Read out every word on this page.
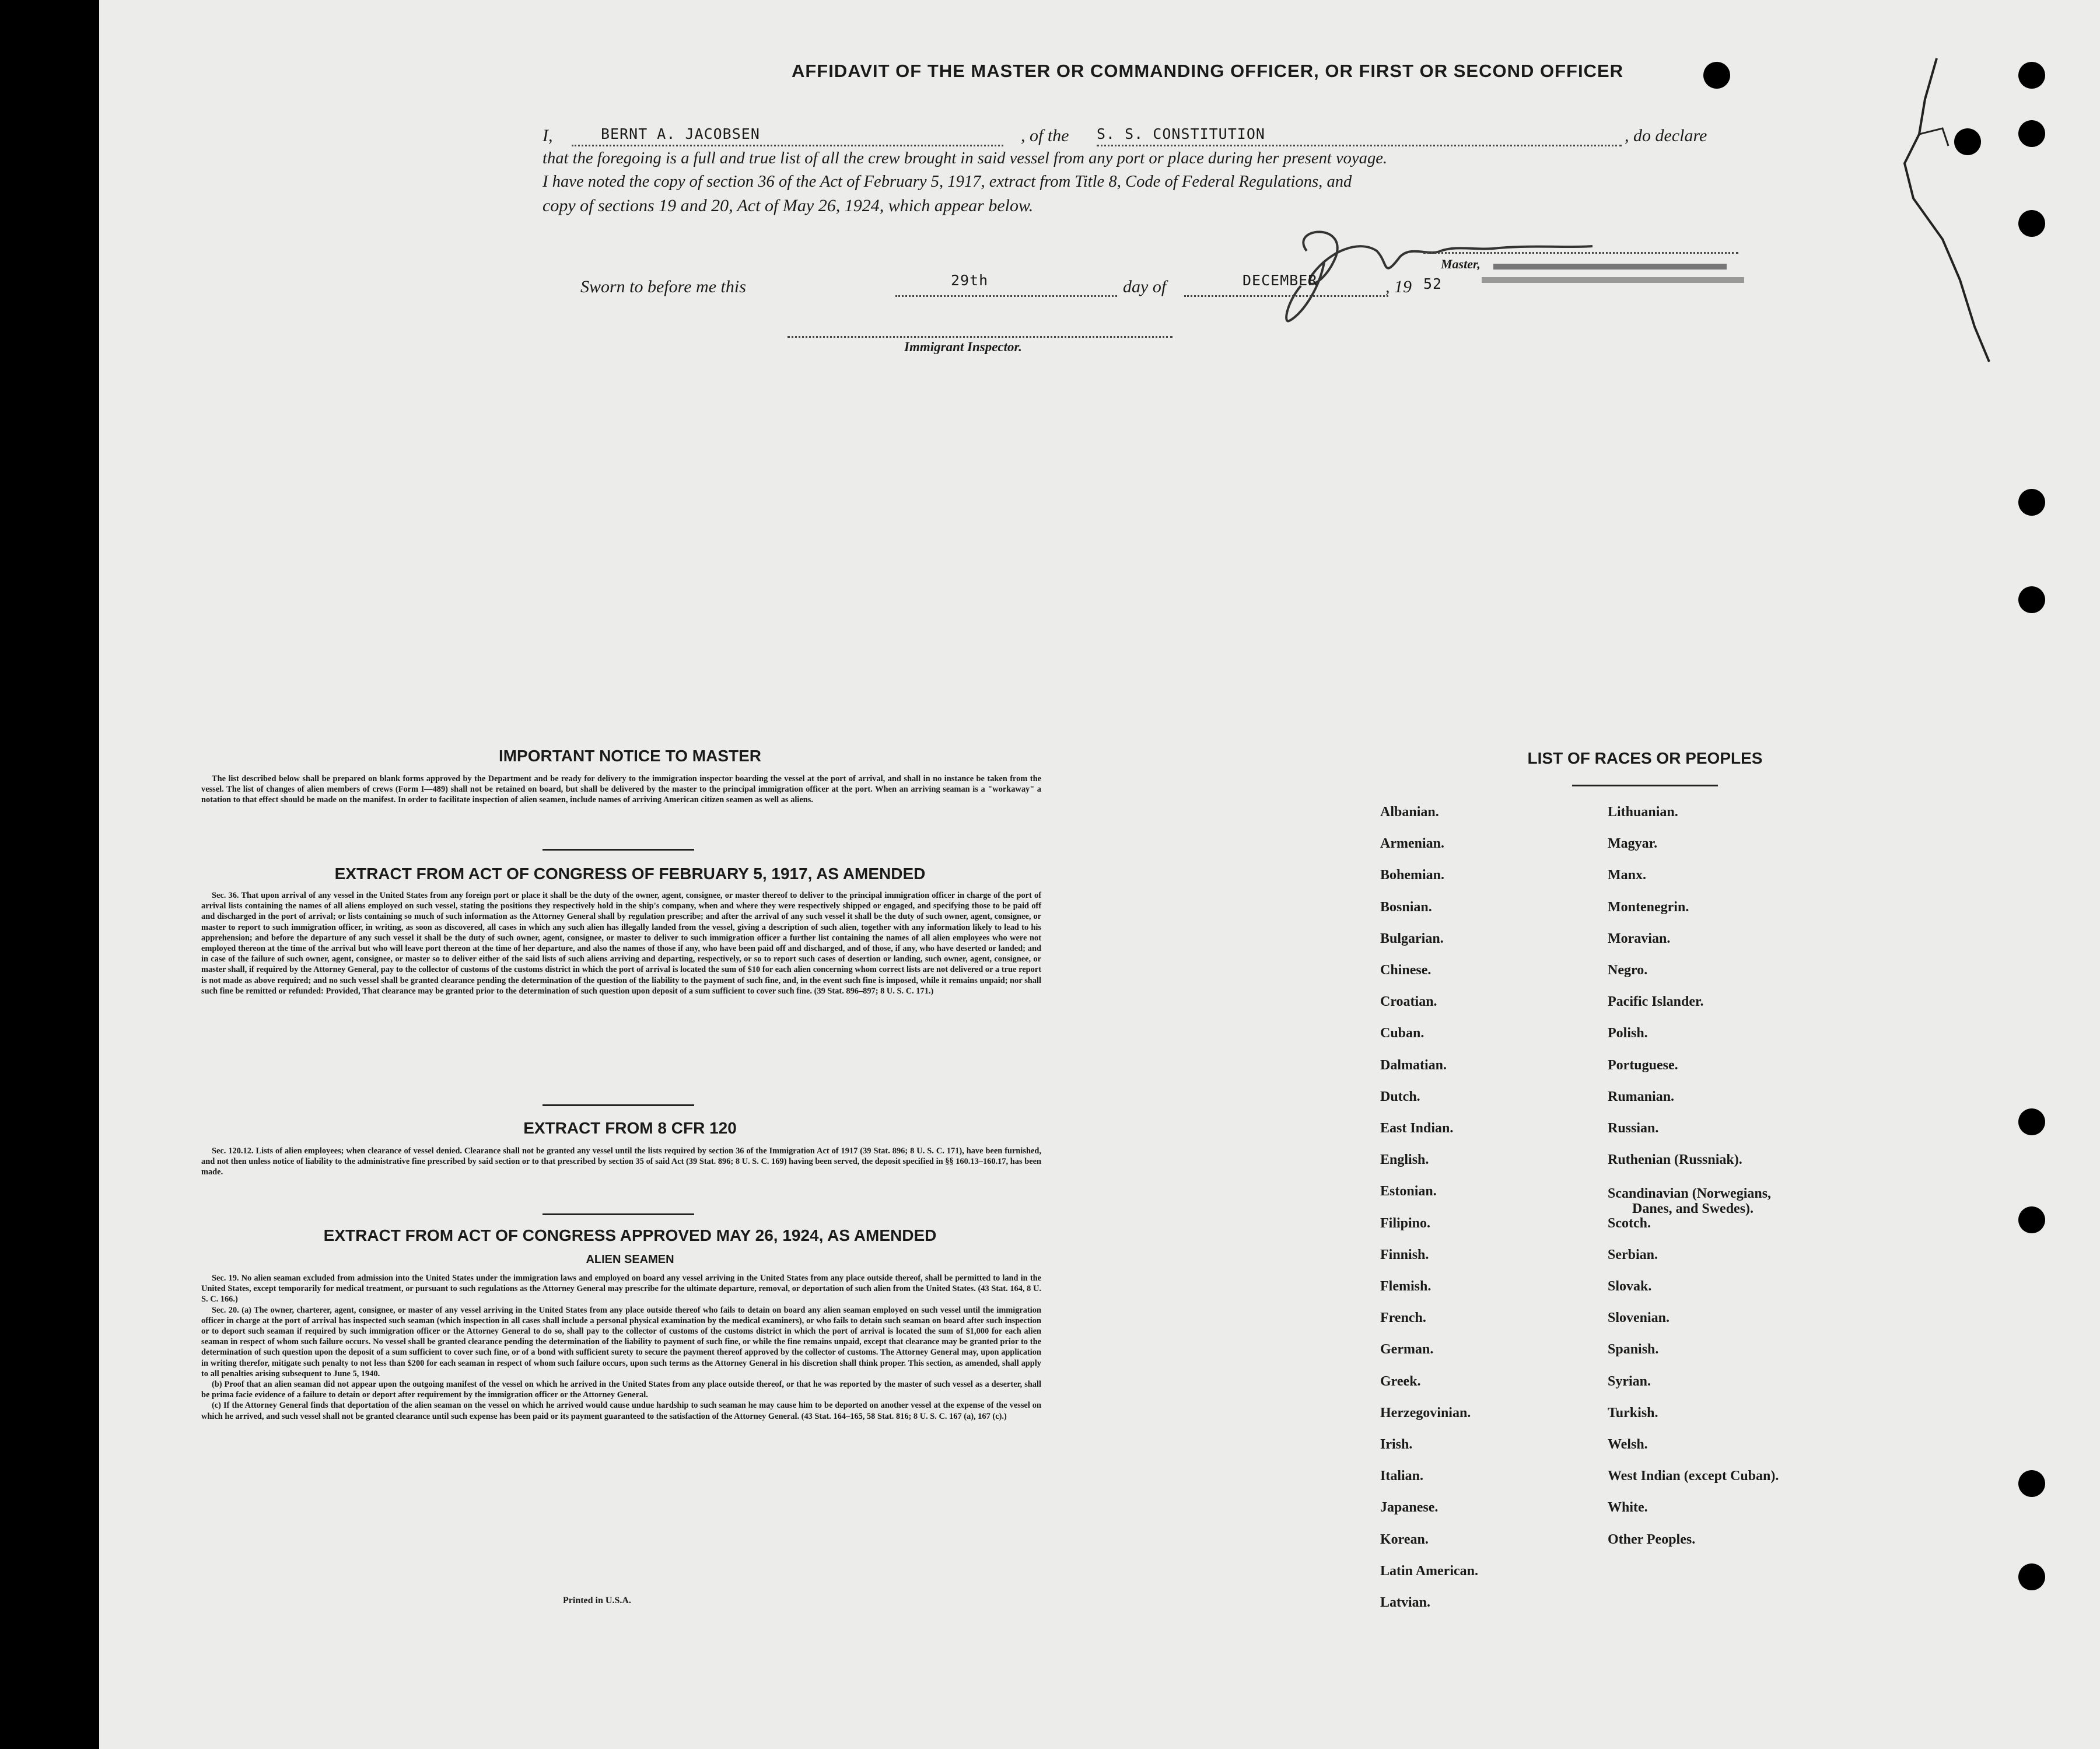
AFFIDAVIT OF THE MASTER OR COMMANDING OFFICER, OR FIRST OR SECOND OFFICER
I,	BERNT A. JACOBSEN	, of the S. S. CONSTITUTION	, do declare
that the foregoing is a full and true list of all the crew brought in said vessel from any port or place during her present voyage.
I have noted the copy of section 36 of the Act of February 5, 1917, extract from Title 8, Code of Federal Regulations, and
copy of sections 19 and 20, Act of May 26, 1924, which appear below.
Master,
Sworn to before me this	29th	day of	DECEMBER	, 19 52
Immigrant Inspector.
IMPORTANT NOTICE TO MASTER

The list described below shall be prepared on blank forms approved by the Department and be ready for delivery to the immigration inspector boarding the vessel at the port of arrival, and shall in no instance be taken from the vessel. The list of changes of alien members of crews (Form I—489) shall not be retained on board, but shall be delivered by the master to the principal immigration officer at the port. When an arriving seaman is a "workaway" a notation to that effect should be made on the manifest. In order to facilitate inspection of alien seamen, include names of arriving American citizen seamen as well as aliens.

EXTRACT FROM ACT OF CONGRESS OF FEBRUARY 5, 1917, AS AMENDED

Sec. 36. That upon arrival of any vessel in the United States from any foreign port or place it shall be the duty of the owner, agent, consignee, or master thereof to deliver to the principal immigration officer in charge of the port of arrival lists containing the names of all aliens employed on such vessel, stating the positions they respectively hold in the ship's company, when and where they were respectively shipped or engaged, and specifying those to be paid off and discharged in the port of arrival; or lists containing so much of such information as the Attorney General shall by regulation prescribe; and after the arrival of any such vessel it shall be the duty of such owner, agent, consignee, or master to report to such immigration officer, in writing, as soon as discovered, all cases in which any such alien has illegally landed from the vessel, giving a description of such alien, together with any information likely to lead to his apprehension; and before the departure of any such vessel it shall be the duty of such owner, agent, consignee, or master to deliver to such immigration officer a further list containing the names of all alien employees who were not employed thereon at the time of the arrival but who will leave port thereon at the time of her departure, and also the names of those if any, who have been paid off and discharged, and of those, if any, who have deserted or landed; and in case of the failure of such owner, agent, consignee, or master so to deliver either of the said lists of such aliens arriving and departing, respectively, or so to report such cases of desertion or landing, such owner, agent, consignee, or master shall, if required by the Attorney General, pay to the collector of customs of the customs district in which the port of arrival is located the sum of $10 for each alien concerning whom correct lists are not delivered or a true report is not made as above required; and no such vessel shall be granted clearance pending the determination of the question of the liability to the payment of such fine, and, in the event such fine is imposed, while it remains unpaid; nor shall such fine be remitted or refunded: Provided, That clearance may be granted prior to the determination of such question upon deposit of a sum sufficient to cover such fine. (39 Stat. 896–897; 8 U. S. C. 171.)

EXTRACT FROM 8 CFR 120

Sec. 120.12. Lists of alien employees; when clearance of vessel denied. Clearance shall not be granted any vessel until the lists required by section 36 of the Immigration Act of 1917 (39 Stat. 896; 8 U. S. C. 171), have been furnished, and not then unless notice of liability to the administrative fine prescribed by said section or to that prescribed by section 35 of said Act (39 Stat. 896; 8 U. S. C. 169) having been served, the deposit specified in §§ 160.13–160.17, has been made.

EXTRACT FROM ACT OF CONGRESS APPROVED MAY 26, 1924, AS AMENDED
ALIEN SEAMEN

Sec. 19. No alien seaman excluded from admission into the United States under the immigration laws and employed on board any vessel arriving in the United States from any place outside thereof, shall be permitted to land in the United States, except temporarily for medical treatment, or pursuant to such regulations as the Attorney General may prescribe for the ultimate departure, removal, or deportation of such alien from the United States. (43 Stat. 164, 8 U. S. C. 166.)

Sec. 20. (a) The owner, charterer, agent, consignee, or master of any vessel arriving in the United States from any place outside thereof who fails to detain on board any alien seaman employed on such vessel until the immigration officer in charge at the port of arrival has inspected such seaman (which inspection in all cases shall include a personal physical examination by the medical examiners), or who fails to detain such seaman on board after such inspection or to deport such seaman if required by such immigration officer or the Attorney General to do so, shall pay to the collector of customs of the customs district in which the port of arrival is located the sum of $1,000 for each alien seaman in respect of whom such failure occurs. No vessel shall be granted clearance pending the determination of the liability to payment of such fine, or while the fine remains unpaid, except that clearance may be granted prior to the determination of such question upon the deposit of a sum sufficient to cover such fine, or of a bond with sufficient surety to secure the payment thereof approved by the collector of customs. The Attorney General may, upon application in writing therefor, mitigate such penalty to not less than $200 for each seaman in respect of whom such failure occurs, upon such terms as the Attorney General in his discretion shall think proper. This section, as amended, shall apply to all penalties arising subsequent to June 5, 1940.

(b) Proof that an alien seaman did not appear upon the outgoing manifest of the vessel on which he arrived in the United States from any place outside thereof, or that he was reported by the master of such vessel as a deserter, shall be prima facie evidence of a failure to detain or deport after requirement by the immigration officer or the Attorney General.

(c) If the Attorney General finds that deportation of the alien seaman on the vessel on which he arrived would cause undue hardship to such seaman he may cause him to be deported on another vessel at the expense of the vessel on which he arrived, and such vessel shall not be granted clearance until such expense has been paid or its payment guaranteed to the satisfaction of the Attorney General. (43 Stat. 164–165, 58 Stat. 816; 8 U. S. C. 167 (a), 167 (c).)

Printed in U.S.A.
LIST OF RACES OR PEOPLES
Albanian.
Armenian.
Bohemian.
Bosnian.
Bulgarian.
Chinese.
Croatian.
Cuban.
Dalmatian.
Dutch.
East Indian.
English.
Estonian.
Filipino.
Finnish.
Flemish.
French.
German.
Greek.
Herzegovinian.
Irish.
Italian.
Japanese.
Korean.
Latin American.
Latvian.
Lithuanian.
Magyar.
Manx.
Montenegrin.
Moravian.
Negro.
Pacific Islander.
Polish.
Portuguese.
Rumanian.
Russian.
Ruthenian (Russniak).
Scandinavian (Norwegians,
Danes, and Swedes).
Scotch.
Serbian.
Slovak.
Slovenian.
Spanish.
Syrian.
Turkish.
Welsh.
West Indian (except Cuban).
White.
Other Peoples.
